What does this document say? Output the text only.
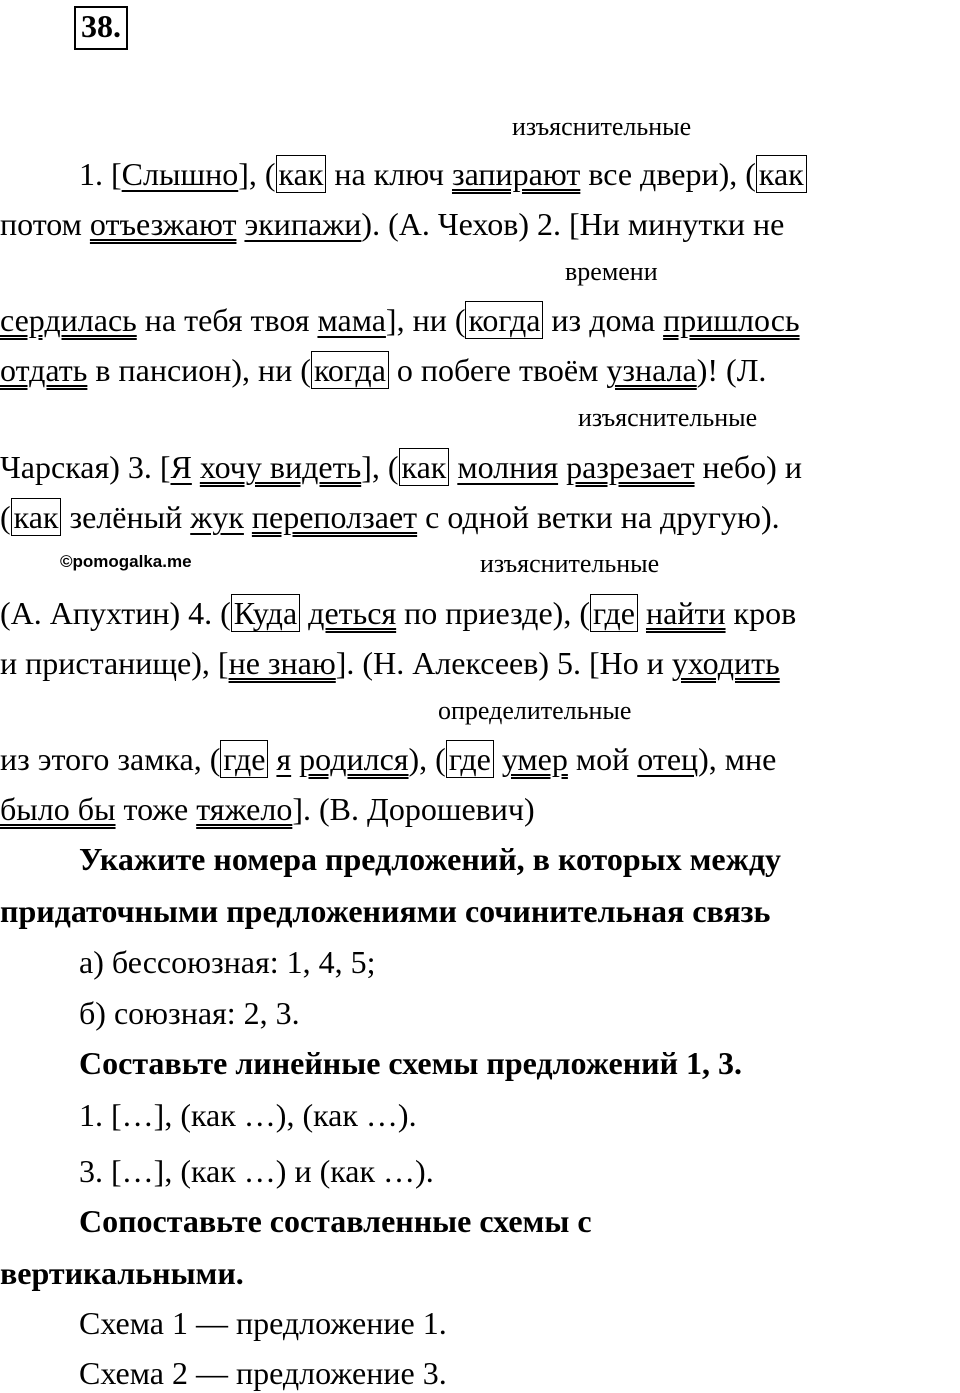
38.
©pomogalka.me
изъяснительные
времени
изъяснительные
изъяснительные
определительные
1. [Слышно], (как на ключ запирают все двери), (как
потом отъезжают экипажи). (А. Чехов) 2. [Ни минутки не
сердилась на тебя твоя мама], ни (когда из дома пришлось
отдать в пансион), ни (когда о побеге твоём узнала)! (Л.
Чарская) 3. [Я хочу видеть], (как молния разрезает небо) и
(как зелёный жук переползает с одной ветки на другую).
(А. Апухтин) 4. (Куда деться по приезде), (где найти кров
и пристанище), [не знаю]. (Н. Алексеев) 5. [Но и уходить
из этого замка, (где я родился), (где умер мой отец), мне
было бы тоже тяжело]. (В. Дорошевич)
Укажите номера предложений, в которых между
придаточными предложениями сочинительная связь
а) бессоюзная: 1, 4, 5;
б) союзная: 2, 3.
Составьте линейные схемы предложений 1, 3.
1. […], (как …), (как …).
3. […], (как …) и (как …).
Сопоставьте составленные схемы с
вертикальными.
Схема 1 — предложение 1.
Схема 2 — предложение 3.
